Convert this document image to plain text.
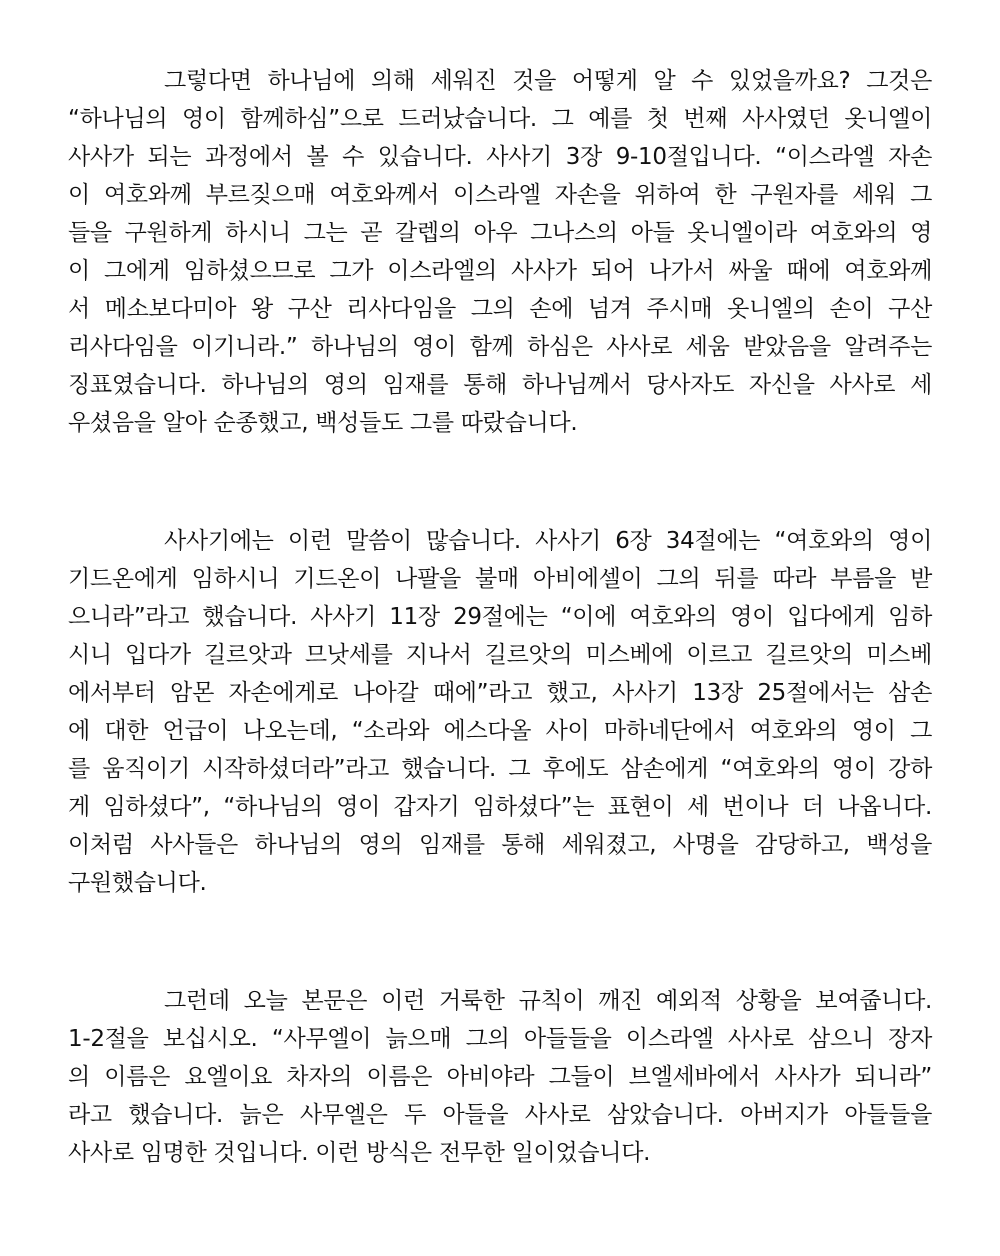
그렇다면 하나님에 의해 세워진 것을 어떻게 알 수 있었을까요? 그것은
“하나님의 영이 함께하심”으로 드러났습니다. 그 예를 첫 번째 사사였던 옷니엘이
사사가 되는 과정에서 볼 수 있습니다. 사사기 3장 9-10절입니다. “이스라엘 자손
이 여호와께 부르짖으매 여호와께서 이스라엘 자손을 위하여 한 구원자를 세워 그
들을 구원하게 하시니 그는 곧 갈렙의 아우 그나스의 아들 옷니엘이라 여호와의 영
이 그에게 임하셨으므로 그가 이스라엘의 사사가 되어 나가서 싸울 때에 여호와께
서 메소보다미아 왕 구산 리사다임을 그의 손에 넘겨 주시매 옷니엘의 손이 구산
리사다임을 이기니라.” 하나님의 영이 함께 하심은 사사로 세움 받았음을 알려주는
징표였습니다. 하나님의 영의 임재를 통해 하나님께서 당사자도 자신을 사사로 세
우셨음을 알아 순종했고, 백성들도 그를 따랐습니다.
사사기에는 이런 말씀이 많습니다. 사사기 6장 34절에는 “여호와의 영이
기드온에게 임하시니 기드온이 나팔을 불매 아비에셀이 그의 뒤를 따라 부름을 받
으니라”라고 했습니다. 사사기 11장 29절에는 “이에 여호와의 영이 입다에게 임하
시니 입다가 길르앗과 므낫세를 지나서 길르앗의 미스베에 이르고 길르앗의 미스베
에서부터 암몬 자손에게로 나아갈 때에”라고 했고, 사사기 13장 25절에서는 삼손
에 대한 언급이 나오는데, “소라와 에스다올 사이 마하네단에서 여호와의 영이 그
를 움직이기 시작하셨더라”라고 했습니다. 그 후에도 삼손에게 “여호와의 영이 강하
게 임하셨다”, “하나님의 영이 갑자기 임하셨다”는 표현이 세 번이나 더 나옵니다.
이처럼 사사들은 하나님의 영의 임재를 통해 세워졌고, 사명을 감당하고, 백성을
구원했습니다.
그런데 오늘 본문은 이런 거룩한 규칙이 깨진 예외적 상황을 보여줍니다.
1-2절을 보십시오. “사무엘이 늙으매 그의 아들들을 이스라엘 사사로 삼으니 장자
의 이름은 요엘이요 차자의 이름은 아비야라 그들이 브엘세바에서 사사가 되니라”
라고 했습니다. 늙은 사무엘은 두 아들을 사사로 삼았습니다. 아버지가 아들들을
사사로 임명한 것입니다. 이런 방식은 전무한 일이었습니다.
